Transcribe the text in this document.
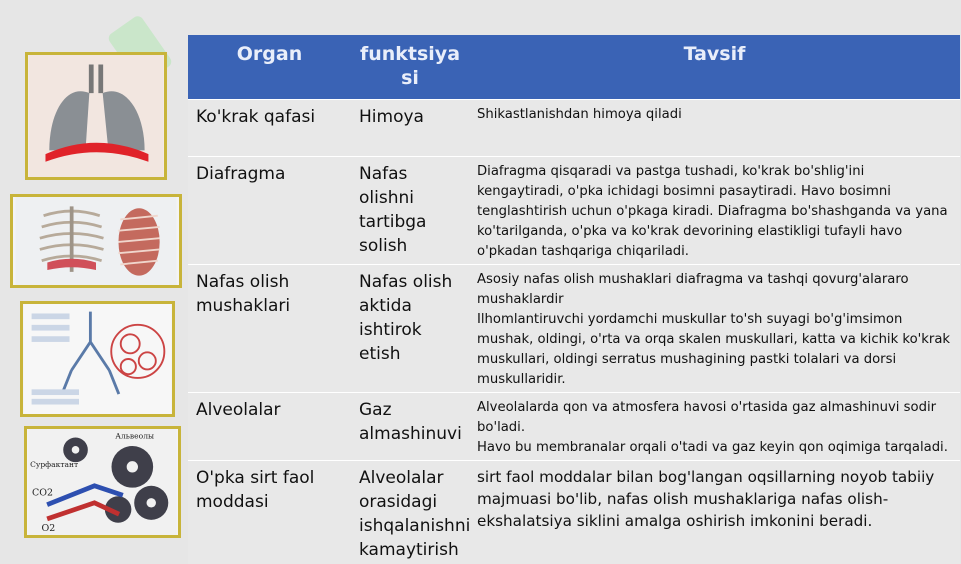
Альвеолы
Сурфактант
CO2
O2
Organ	funktsiyasi	Tavsif
Ko'krak qafasi	Himoya	Shikastlanishdan himoya qiladi

Diafragma	Nafas olishni tartibga solish	Diafragma qisqaradi va pastga tushadi, ko'krak bo'shlig'ini kengaytiradi, o'pka ichidagi bosimni pasaytiradi. Havo bosimni tenglashtirish uchun o'pkaga kiradi. Diafragma bo'shashganda va yana ko'tarilganda, o'pka va ko'krak devorining elastikligi tufayli havo o'pkadan tashqariga chiqariladi.

Nafas olish mushaklari	Nafas olish aktida ishtirok etish	Asosiy nafas olish mushaklari diafragma va tashqi qovurg'alararo mushaklardir
Ilhomlantiruvchi yordamchi muskullar to'sh suyagi bo'g'imsimon mushak, oldingi, o'rta va orqa skalen muskullari, katta va kichik ko'krak muskullari, oldingi serratus mushagining pastki tolalari va dorsi muskullaridir.

Alveolalar	Gaz almashinuvi	Alveolalarda qon va atmosfera havosi o'rtasida gaz almashinuvi sodir bo'ladi.
Havo bu membranalar orqali o'tadi va gaz keyin qon oqimiga tarqaladi.

O'pka sirt faol moddasi	Alveolalar orasidagi ishqalanishni kamaytirish	sirt faol moddalar bilan bog'langan oqsillarning noyob tabiiy majmuasi bo'lib, nafas olish mushaklariga nafas olish-ekshalatsiya siklini amalga oshirish imkonini beradi.
